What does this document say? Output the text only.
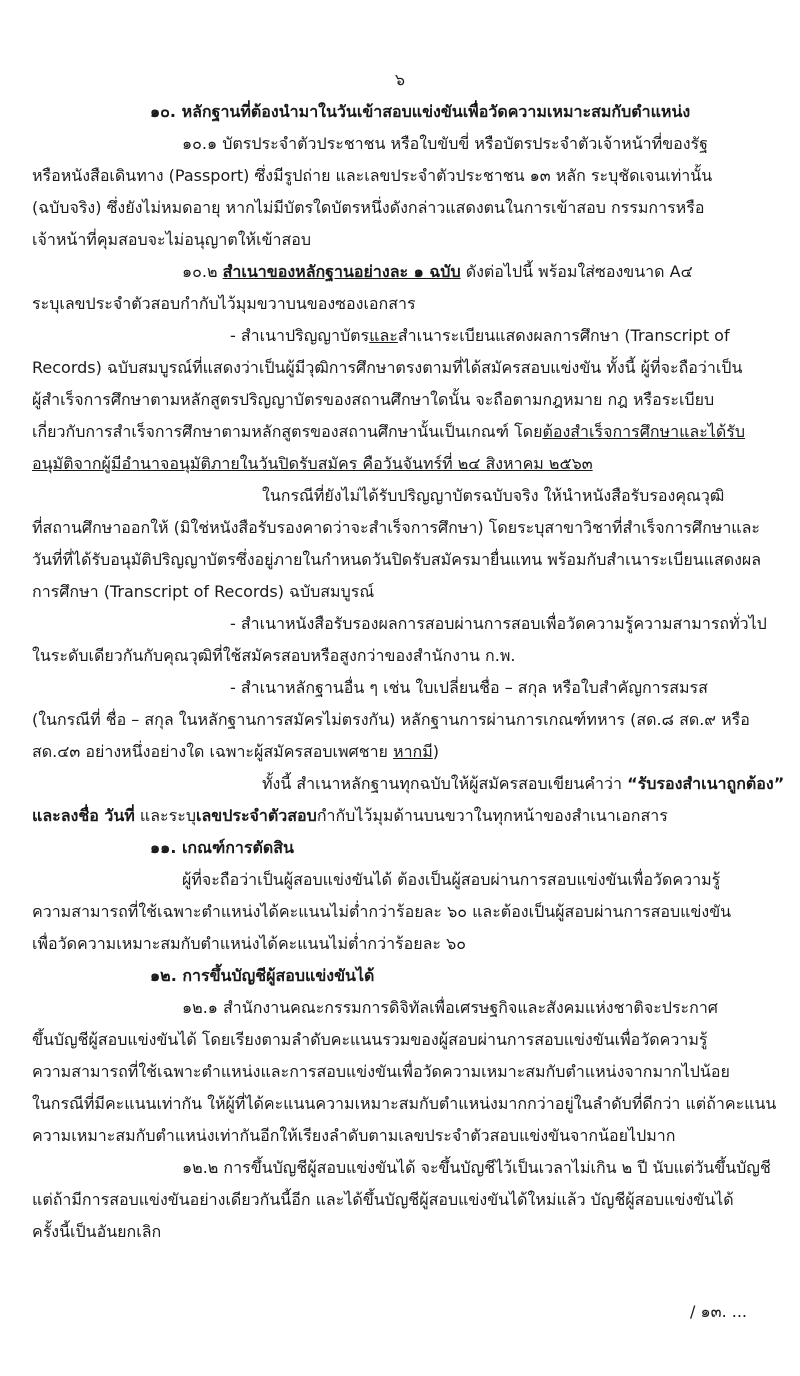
๖
๑๐. หลักฐานที่ต้องนำมาในวันเข้าสอบแข่งขันเพื่อวัดความเหมาะสมกับตำแหน่ง
๑๐.๑ บัตรประจำตัวประชาชน หรือใบขับขี่ หรือบัตรประจำตัวเจ้าหน้าที่ของรัฐ
หรือหนังสือเดินทาง (Passport) ซึ่งมีรูปถ่าย และเลขประจำตัวประชาชน ๑๓ หลัก ระบุชัดเจนเท่านั้น
(ฉบับจริง) ซึ่งยังไม่หมดอายุ หากไม่มีบัตรใดบัตรหนึ่งดังกล่าวแสดงตนในการเข้าสอบ กรรมการหรือ
เจ้าหน้าที่คุมสอบจะไม่อนุญาตให้เข้าสอบ
๑๐.๒ สำเนาของหลักฐานอย่างละ ๑ ฉบับ ดังต่อไปนี้ พร้อมใส่ซองขนาด A๔
ระบุเลขประจำตัวสอบกำกับไว้มุมขวาบนของซองเอกสาร
- สำเนาปริญญาบัตรและสำเนาระเบียนแสดงผลการศึกษา (Transcript of
Records) ฉบับสมบูรณ์ที่แสดงว่าเป็นผู้มีวุฒิการศึกษาตรงตามที่ได้สมัครสอบแข่งขัน ทั้งนี้ ผู้ที่จะถือว่าเป็น
ผู้สำเร็จการศึกษาตามหลักสูตรปริญญาบัตรของสถานศึกษาใดนั้น จะถือตามกฎหมาย กฎ หรือระเบียบ
เกี่ยวกับการสำเร็จการศึกษาตามหลักสูตรของสถานศึกษานั้นเป็นเกณฑ์ โดยต้องสำเร็จการศึกษาและได้รับ
อนุมัติจากผู้มีอำนาจอนุมัติภายในวันปิดรับสมัคร คือวันจันทร์ที่ ๒๔ สิงหาคม ๒๕๖๓
ในกรณีที่ยังไม่ได้รับปริญญาบัตรฉบับจริง ให้นำหนังสือรับรองคุณวุฒิ
ที่สถานศึกษาออกให้ (มิใช่หนังสือรับรองคาดว่าจะสำเร็จการศึกษา) โดยระบุสาขาวิชาที่สำเร็จการศึกษาและ
วันที่ที่ได้รับอนุมัติปริญญาบัตรซึ่งอยู่ภายในกำหนดวันปิดรับสมัครมายื่นแทน พร้อมกับสำเนาระเบียนแสดงผล
การศึกษา (Transcript of Records) ฉบับสมบูรณ์
- สำเนาหนังสือรับรองผลการสอบผ่านการสอบเพื่อวัดความรู้ความสามารถทั่วไป
ในระดับเดียวกันกับคุณวุฒิที่ใช้สมัครสอบหรือสูงกว่าของสำนักงาน ก.พ.
- สำเนาหลักฐานอื่น ๆ เช่น ใบเปลี่ยนชื่อ – สกุล หรือใบสำคัญการสมรส
(ในกรณีที่ ชื่อ – สกุล ในหลักฐานการสมัครไม่ตรงกัน) หลักฐานการผ่านการเกณฑ์ทหาร (สด.๘ สด.๙ หรือ
สด.๔๓ อย่างหนึ่งอย่างใด เฉพาะผู้สมัครสอบเพศชาย หากมี)
ทั้งนี้ สำเนาหลักฐานทุกฉบับให้ผู้สมัครสอบเขียนคำว่า “รับรองสำเนาถูกต้อง”
และลงชื่อ วันที่ และระบุเลขประจำตัวสอบกำกับไว้มุมด้านบนขวาในทุกหน้าของสำเนาเอกสาร
๑๑. เกณฑ์การตัดสิน
ผู้ที่จะถือว่าเป็นผู้สอบแข่งขันได้ ต้องเป็นผู้สอบผ่านการสอบแข่งขันเพื่อวัดความรู้
ความสามารถที่ใช้เฉพาะตำแหน่งได้คะแนนไม่ต่ำกว่าร้อยละ ๖๐ และต้องเป็นผู้สอบผ่านการสอบแข่งขัน
เพื่อวัดความเหมาะสมกับตำแหน่งได้คะแนนไม่ต่ำกว่าร้อยละ ๖๐
๑๒. การขึ้นบัญชีผู้สอบแข่งขันได้
๑๒.๑ สำนักงานคณะกรรมการดิจิทัลเพื่อเศรษฐกิจและสังคมแห่งชาติจะประกาศ
ขึ้นบัญชีผู้สอบแข่งขันได้ โดยเรียงตามลำดับคะแนนรวมของผู้สอบผ่านการสอบแข่งขันเพื่อวัดความรู้
ความสามารถที่ใช้เฉพาะตำแหน่งและการสอบแข่งขันเพื่อวัดความเหมาะสมกับตำแหน่งจากมากไปน้อย
ในกรณีที่มีคะแนนเท่ากัน ให้ผู้ที่ได้คะแนนความเหมาะสมกับตำแหน่งมากกว่าอยู่ในลำดับที่ดีกว่า แต่ถ้าคะแนน
ความเหมาะสมกับตำแหน่งเท่ากันอีกให้เรียงลำดับตามเลขประจำตัวสอบแข่งขันจากน้อยไปมาก
๑๒.๒ การขึ้นบัญชีผู้สอบแข่งขันได้ จะขึ้นบัญชีไว้เป็นเวลาไม่เกิน ๒ ปี นับแต่วันขึ้นบัญชี
แต่ถ้ามีการสอบแข่งขันอย่างเดียวกันนี้อีก และได้ขึ้นบัญชีผู้สอบแข่งขันได้ใหม่แล้ว บัญชีผู้สอบแข่งขันได้
ครั้งนี้เป็นอันยกเลิก
/ ๑๓. ...
